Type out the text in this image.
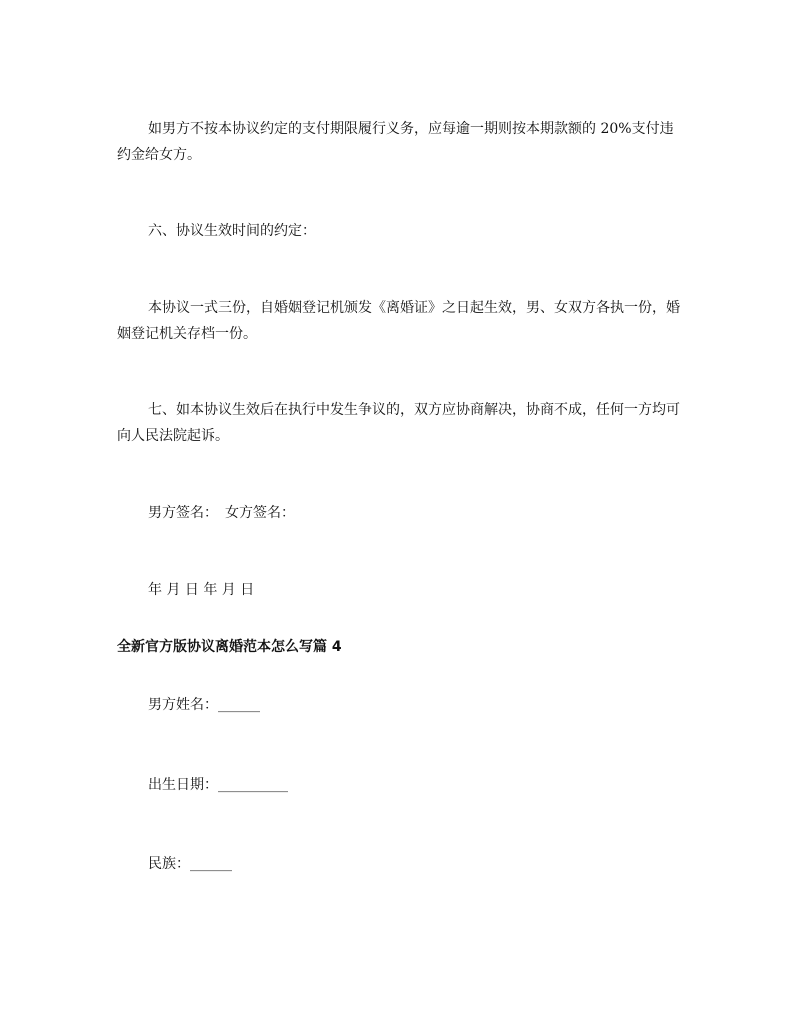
如男方不按本协议约定的支付期限履行义务，应每逾一期则按本期款额的 20%支付违约金给女方。

六、协议生效时间的约定：

本协议一式三份，自婚姻登记机颁发《离婚证》之日起生效，男、女双方各执一份，婚姻登记机关存档一份。

七、如本协议生效后在执行中发生争议的，双方应协商解决，协商不成，任何一方均可向人民法院起诉。

男方签名：　女方签名：

年 月 日 年 月 日

全新官方版协议离婚范本怎么写篇 4

男方姓名：______

出生日期：__________

民族：______
